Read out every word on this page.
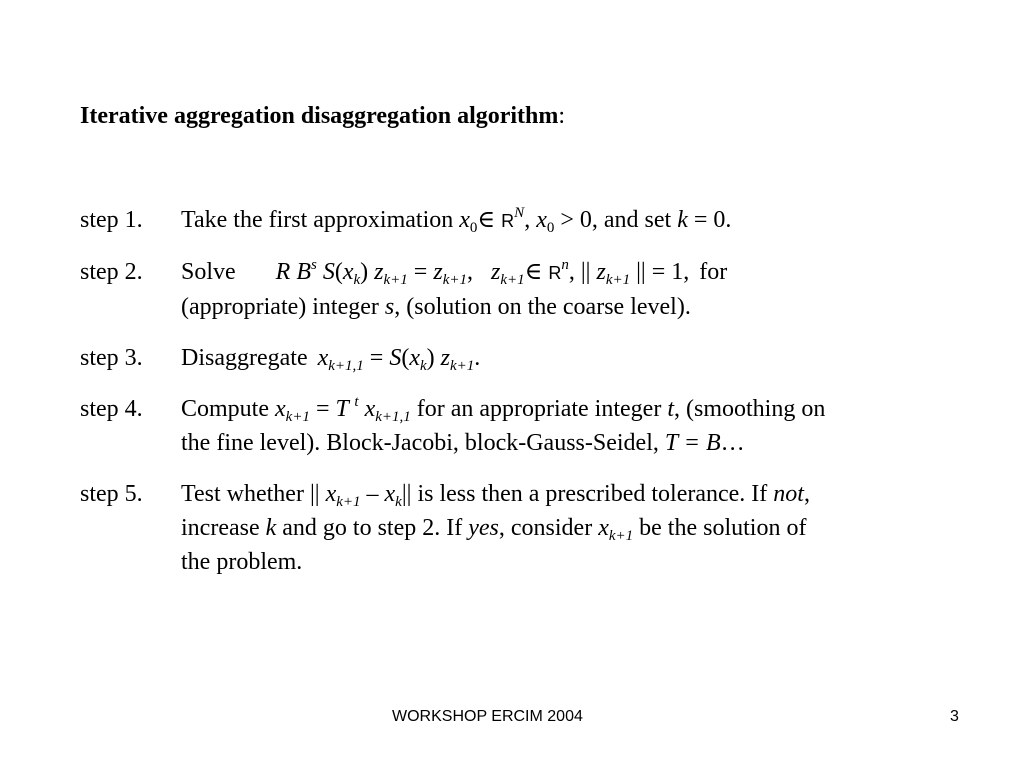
Iterative aggregation disaggregation algorithm:
step 1. Take the first approximation $x_0\in$ $R^N$, $x_0 > 0$, and set k = 0.
step 2. Solve R $B^s$ $S(x_k) z_{k+1} = z_{k+1}$, $z_{k+1}\in$ $R^n$, || $z_{k+1}$ || = 1, for
(appropriate) integer s, (solution on the coarse level).
step 3. Disaggregate $x_{k+1,1} = S(x_k)$ $z_{k+1}$.
step 4. Compute $x_{k+1} = T$ $^t$ $x_{k+1,1}$ for an appropriate integer t, (smoothing on
the fine level). Block-Jacobi, block-Gauss-Seidel, T = B…
step 5. Test whether || $x_{k+1} - x_k||$ is less then a prescribed tolerance. If not,
increase k and go to step 2. If yes, consider $x_{k+1}$ be the solution of
the problem.
WORKSHOP ERCIM 2004	3
